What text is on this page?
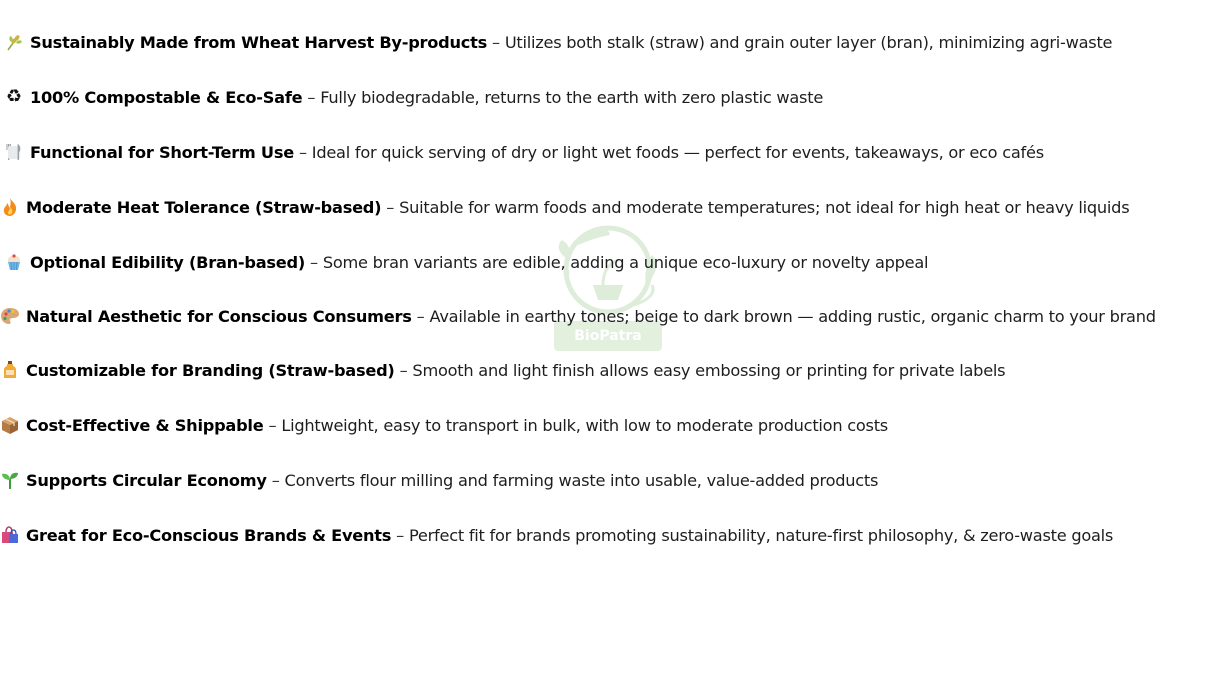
BioPatra
Sustainably Made from Wheat Harvest By-products – Utilizes both stalk (straw) and grain outer layer (bran), minimizing agri-waste
♻ 100% Compostable & Eco-Safe – Fully biodegradable, returns to the earth with zero plastic waste
Functional for Short-Term Use – Ideal for quick serving of dry or light wet foods — perfect for events, takeaways, or eco cafés
Moderate Heat Tolerance (Straw-based) – Suitable for warm foods and moderate temperatures; not ideal for high heat or heavy liquids
Optional Edibility (Bran-based) – Some bran variants are edible, adding a unique eco-luxury or novelty appeal
Natural Aesthetic for Conscious Consumers – Available in earthy tones; beige to dark brown — adding rustic, organic charm to your brand
Customizable for Branding (Straw-based) – Smooth and light finish allows easy embossing or printing for private labels
Cost-Effective & Shippable – Lightweight, easy to transport in bulk, with low to moderate production costs
Supports Circular Economy – Converts flour milling and farming waste into usable, value-added products
Great for Eco-Conscious Brands & Events – Perfect fit for brands promoting sustainability, nature-first philosophy, & zero-waste goals
